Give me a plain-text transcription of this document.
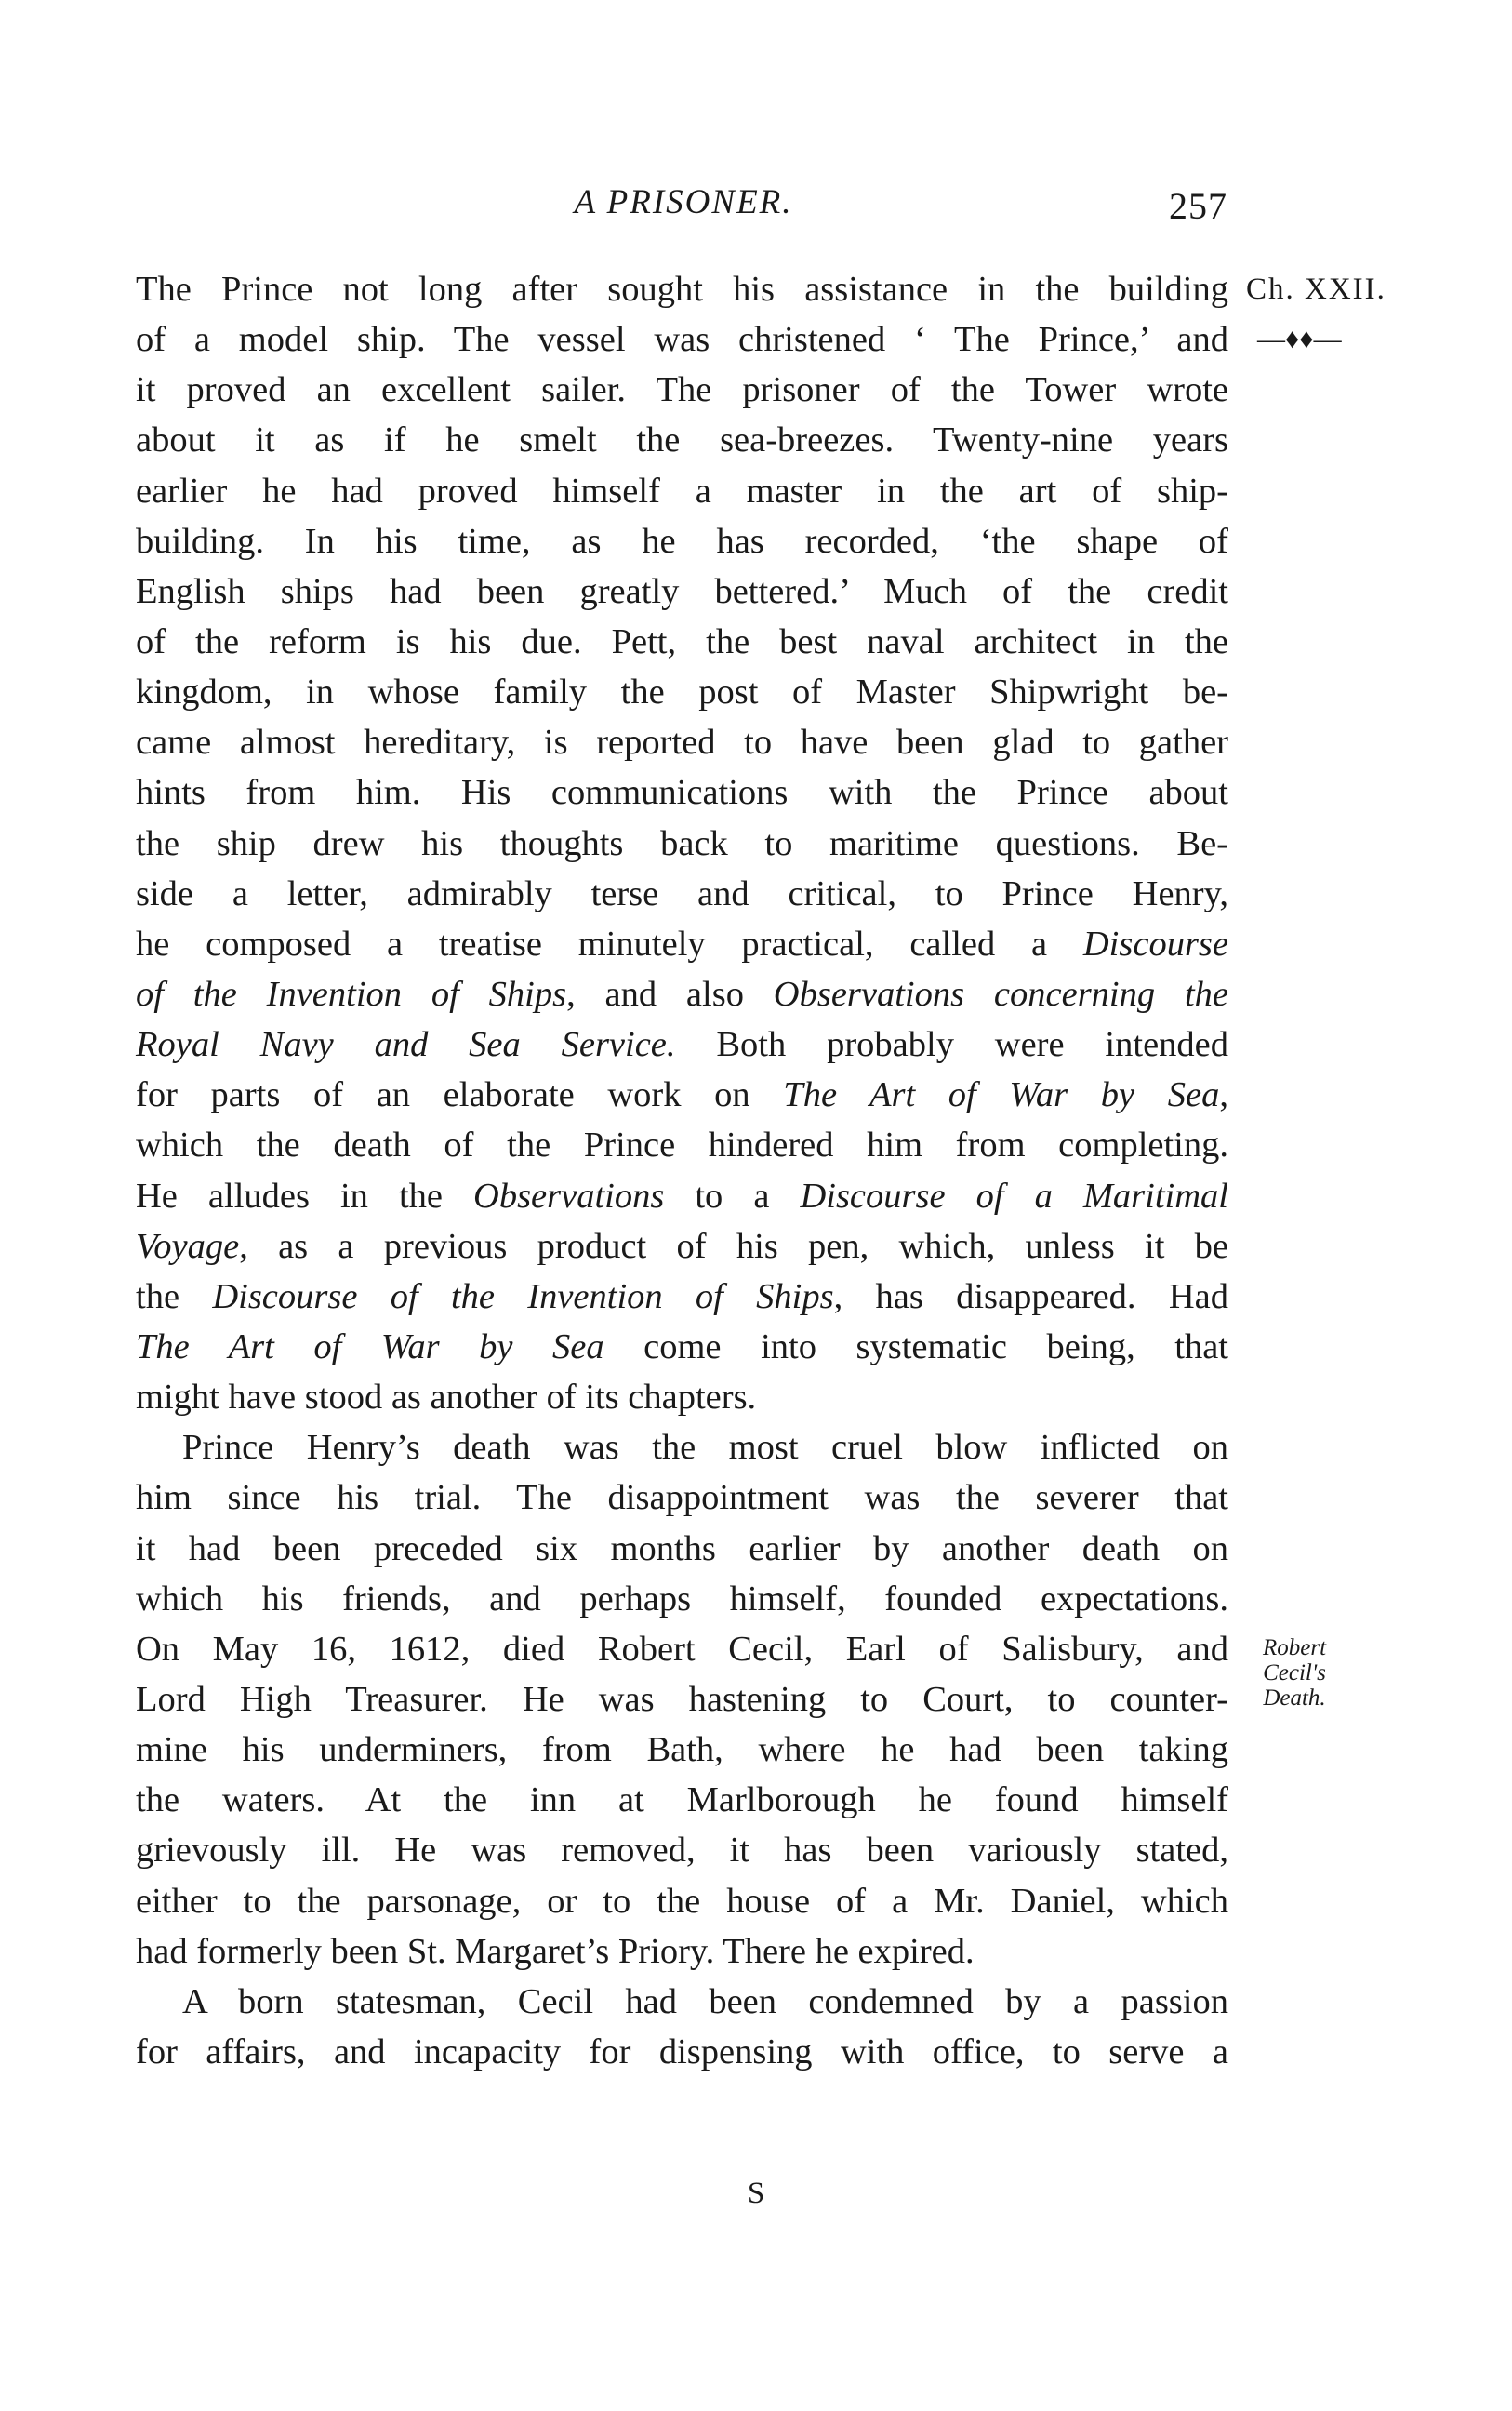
A PRISONER.	257
Ch. XXII.
—♦♦—
Robert
Cecil's
Death.
The Prince not long after sought his assistance in the building
of a model ship. The vessel was christened ‘ The Prince,’ and
it proved an excellent sailer. The prisoner of the Tower wrote
about it as if he smelt the sea-breezes. Twenty-nine years
earlier he had proved himself a master in the art of ship-
building. In his time, as he has recorded, ‘the shape of
English ships had been greatly bettered.’ Much of the credit
of the reform is his due. Pett, the best naval architect in the
kingdom, in whose family the post of Master Shipwright be-
came almost hereditary, is reported to have been glad to gather
hints from him. His communications with the Prince about
the ship drew his thoughts back to maritime questions. Be-
side a letter, admirably terse and critical, to Prince Henry,
he composed a treatise minutely practical, called a Discourse
of the Invention of Ships, and also Observations concerning the
Royal Navy and Sea Service. Both probably were intended
for parts of an elaborate work on The Art of War by Sea,
which the death of the Prince hindered him from completing.
He alludes in the Observations to a Discourse of a Maritimal
Voyage, as a previous product of his pen, which, unless it be
the Discourse of the Invention of Ships, has disappeared. Had
The Art of War by Sea come into systematic being, that
might have stood as another of its chapters.
Prince Henry’s death was the most cruel blow inflicted on
him since his trial. The disappointment was the severer that
it had been preceded six months earlier by another death on
which his friends, and perhaps himself, founded expectations.
On May 16, 1612, died Robert Cecil, Earl of Salisbury, and
Lord High Treasurer. He was hastening to Court, to counter-
mine his underminers, from Bath, where he had been taking
the waters. At the inn at Marlborough he found himself
grievously ill. He was removed, it has been variously stated,
either to the parsonage, or to the house of a Mr. Daniel, which
had formerly been St. Margaret’s Priory. There he expired.
A born statesman, Cecil had been condemned by a passion
for affairs, and incapacity for dispensing with office, to serve a
S
